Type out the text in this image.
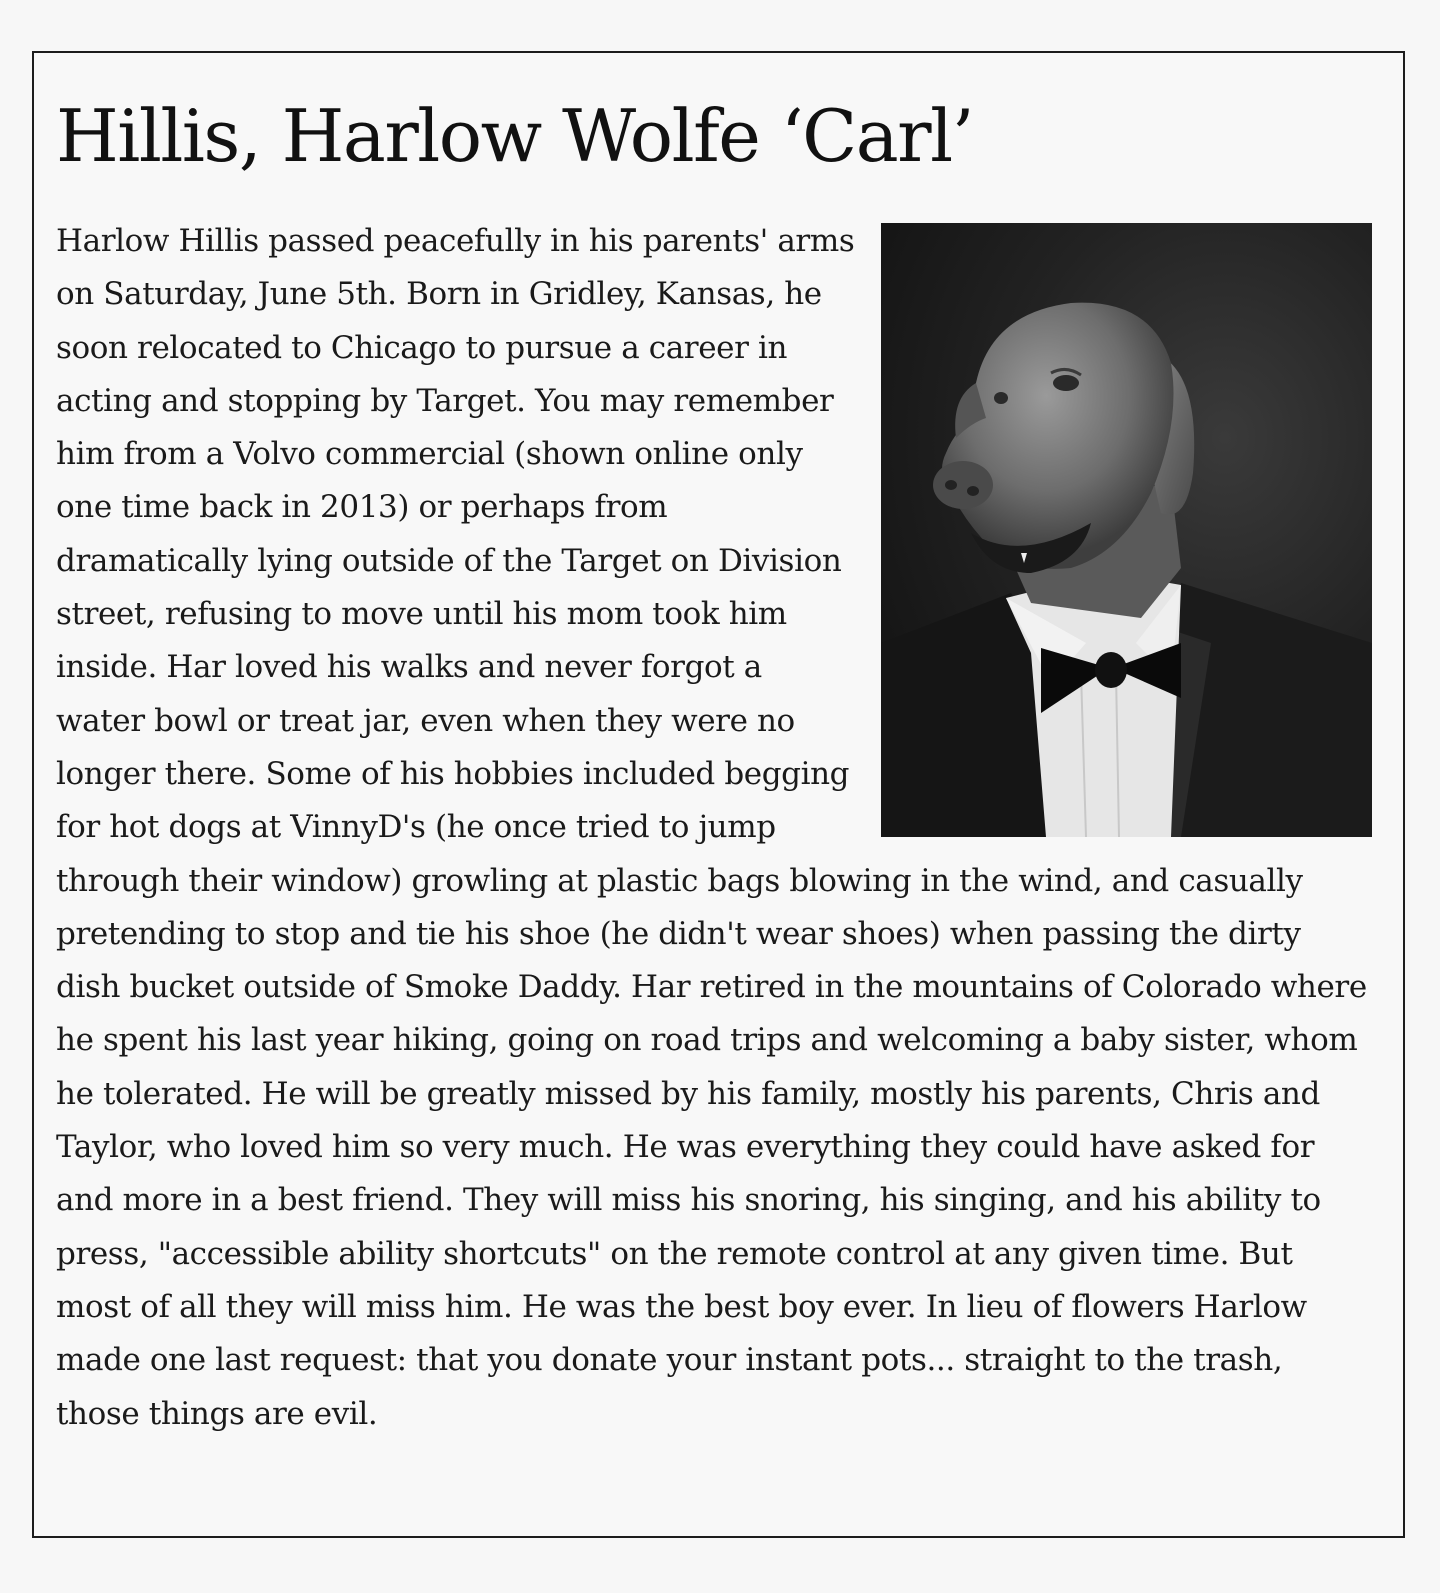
Hillis, Harlow Wolfe ‘Carl’
Harlow Hillis passed peacefully in his parents' arms on Saturday, June 5th. Born in Gridley, Kansas, he soon relocated to Chicago to pursue a career in acting and stopping by Target. You may remember him from a Volvo commercial (shown online only one time back in 2013) or perhaps from dramatically lying outside of the Target on Division street, refusing to move until his mom took him inside. Har loved his walks and never forgot a water bowl or treat jar, even when they were no longer there. Some of his hobbies included begging for hot dogs at VinnyD's (he once tried to jump through their window) growling at plastic bags blowing in the wind, and casually pretending to stop and tie his shoe (he didn't wear shoes) when passing the dirty dish bucket outside of Smoke Daddy. Har retired in the mountains of Colorado where he spent his last year hiking, going on road trips and welcoming a baby sister, whom he tolerated. He will be greatly missed by his family, mostly his parents, Chris and Taylor, who loved him so very much. He was everything they could have asked for and more in a best friend. They will miss his snoring, his singing, and his ability to press, "accessible ability shortcuts" on the remote control at any given time. But most of all they will miss him. He was the best boy ever. In lieu of flowers Harlow made one last request: that you donate your instant pots... straight to the trash, those things are evil.
